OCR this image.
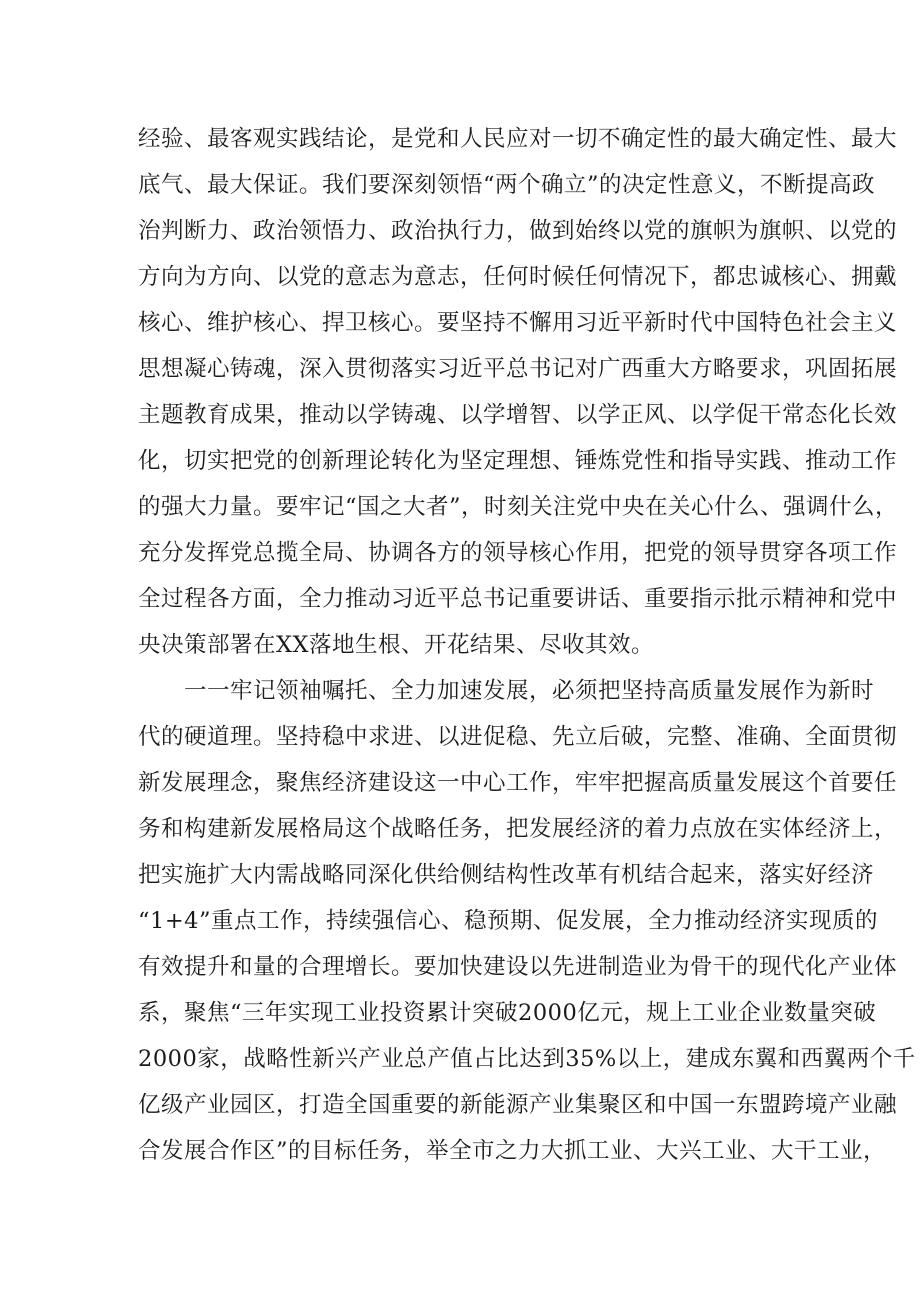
经验、最客观实践结论，是党和人民应对一切不确定性的最大确定性、最大
底气、最大保证。我们要深刻领悟“两个确立”的决定性意义，不断提高政
治判断力、政治领悟力、政治执行力，做到始终以党的旗帜为旗帜、以党的
方向为方向、以党的意志为意志，任何时候任何情况下，都忠诚核心、拥戴
核心、维护核心、捍卫核心。要坚持不懈用习近平新时代中国特色社会主义
思想凝心铸魂，深入贯彻落实习近平总书记对广西重大方略要求，巩固拓展
主题教育成果，推动以学铸魂、以学增智、以学正风、以学促干常态化长效
化，切实把党的创新理论转化为坚定理想、锤炼党性和指导实践、推动工作
的强大力量。要牢记“国之大者”，时刻关注党中央在关心什么、强调什么，
充分发挥党总揽全局、协调各方的领导核心作用，把党的领导贯穿各项工作
全过程各方面，全力推动习近平总书记重要讲话、重要指示批示精神和党中
央决策部署在XX落地生根、开花结果、尽收其效。
一一牢记领袖嘱托、全力加速发展，必须把坚持高质量发展作为新时
代的硬道理。坚持稳中求进、以进促稳、先立后破，完整、准确、全面贯彻
新发展理念，聚焦经济建设这一中心工作，牢牢把握高质量发展这个首要任
务和构建新发展格局这个战略任务，把发展经济的着力点放在实体经济上，
把实施扩大内需战略同深化供给侧结构性改革有机结合起来，落实好经济
“1+4”重点工作，持续强信心、稳预期、促发展，全力推动经济实现质的
有效提升和量的合理增长。要加快建设以先进制造业为骨干的现代化产业体
系，聚焦“三年实现工业投资累计突破2000亿元，规上工业企业数量突破
2000家，战略性新兴产业总产值占比达到35%以上，建成东翼和西翼两个千
亿级产业园区，打造全国重要的新能源产业集聚区和中国一东盟跨境产业融
合发展合作区”的目标任务，举全市之力大抓工业、大兴工业、大干工业，
